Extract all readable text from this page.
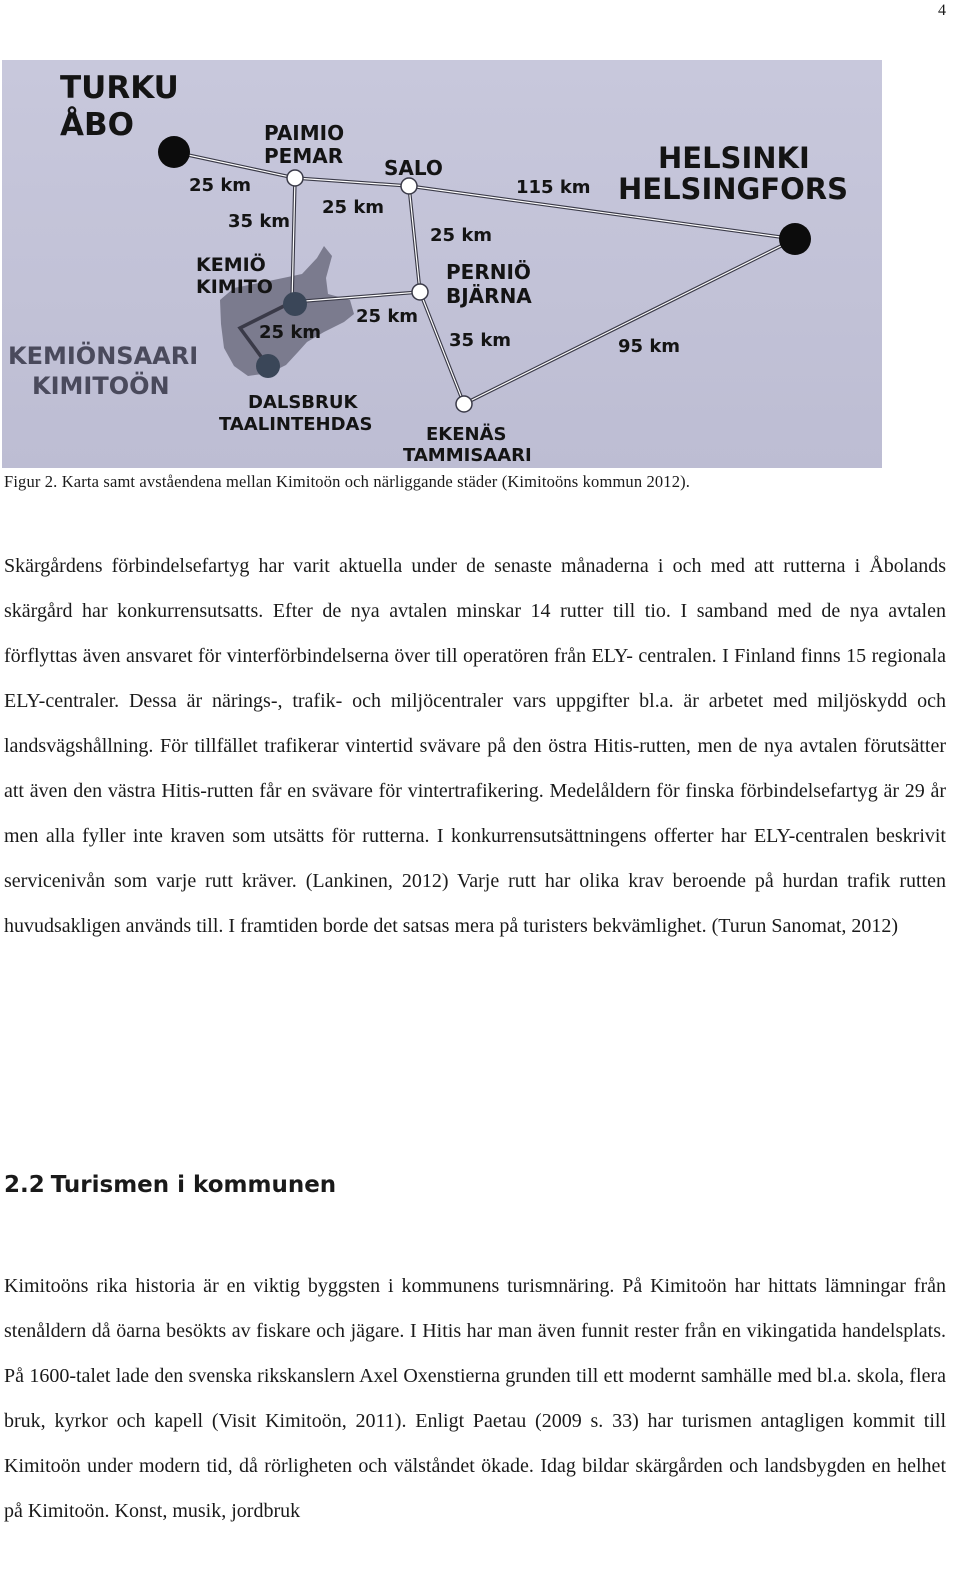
4
TURKU
ÅBO	PAIMIO
PEMAR SALO	HELSINKI
HELSINGFORS
KEMIÖ
KIMITO
PERNIÖ
BJÄRNA
DALSBRUK
TAALINTEHDAS	EKENÄS
TAMMISAARI
KEMIÖNSAARI
KIMITOÖN
25 km
35 km
25 km
115 km
25 km
25 km
25 km	35 km	95 km
Figur 2. Karta samt avståendena mellan Kimitoön och närliggande städer (Kimitoöns kommun 2012).

Skärgårdens förbindelsefartyg har varit aktuella under de senaste månaderna i och med att rutterna i Åbolands skärgård har konkurrensutsatts. Efter de nya avtalen minskar 14 rutter till tio. I samband med de nya avtalen förflyttas även ansvaret för vinterförbindelserna över till operatören från ELY- centralen. I Finland finns 15 regionala ELY-centraler. Dessa är närings-, trafik- och miljöcentraler vars uppgifter bl.a. är arbetet med miljöskydd och landsvägshållning. För tillfället trafikerar vintertid svävare på den östra Hitis-rutten, men de nya avtalen förutsätter att även den västra Hitis-rutten får en svävare för vintertrafikering. Medelåldern för finska förbindelsefartyg är 29 år men alla fyller inte kraven som utsätts för rutterna. I konkurrensutsättningens offerter har ELY-centralen beskrivit servicenivån som varje rutt kräver. (Lankinen, 2012) Varje rutt har olika krav beroende på hurdan trafik rutten huvudsakligen används till. I framtiden borde det satsas mera på turisters bekvämlighet. (Turun Sanomat, 2012)

2.2 Turismen i kommunen

Kimitoöns rika historia är en viktig byggsten i kommunens turismnäring. På Kimitoön har hittats lämningar från stenåldern då öarna besökts av fiskare och jägare. I Hitis har man även funnit rester från en vikingatida handelsplats. På 1600-talet lade den svenska rikskanslern Axel Oxenstierna grunden till ett modernt samhälle med bl.a. skola, flera bruk, kyrkor och kapell (Visit Kimitoön, 2011). Enligt Paetau (2009 s. 33) har turismen antagligen kommit till Kimitoön under modern tid, då rörligheten och välståndet ökade. Idag bildar skärgården och landsbygden en helhet på Kimitoön. Konst, musik, jordbruk
